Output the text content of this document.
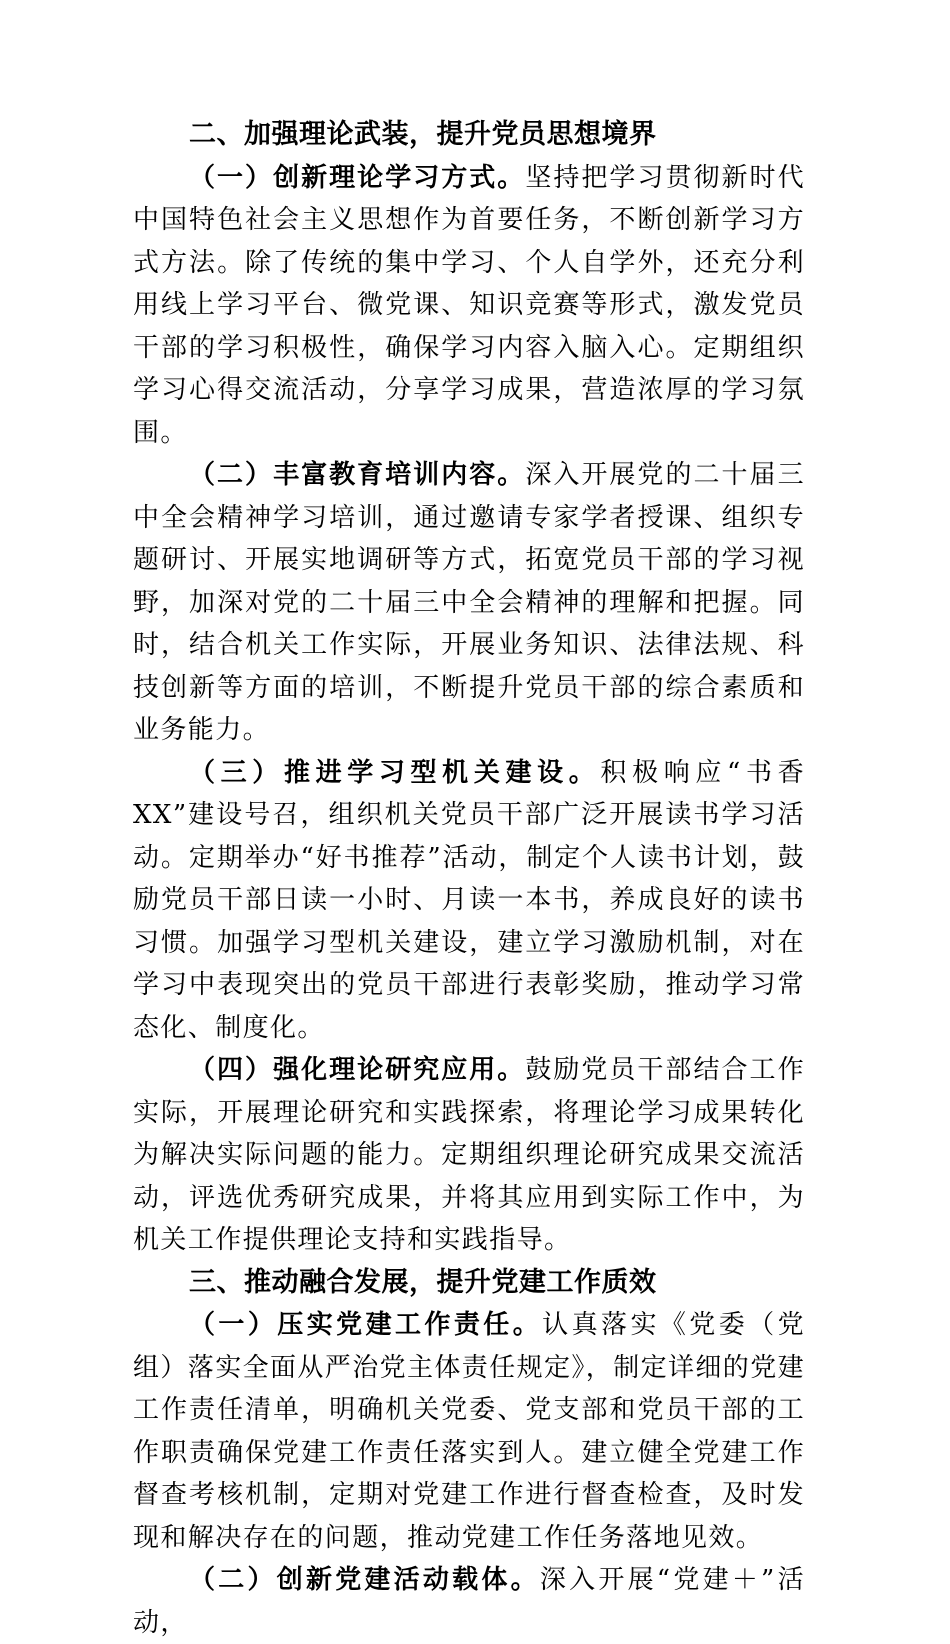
二、加强理论武装，提升党员思想境界

（一）创新理论学习方式。坚持把学习贯彻新时代中国特色社会主义思想作为首要任务，不断创新学习方式方法。除了传统的集中学习、个人自学外，还充分利用线上学习平台、微党课、知识竞赛等形式，激发党员干部的学习积极性，确保学习内容入脑入心。定期组织学习心得交流活动，分享学习成果，营造浓厚的学习氛围。

（二）丰富教育培训内容。深入开展党的二十届三中全会精神学习培训，通过邀请专家学者授课、组织专题研讨、开展实地调研等方式，拓宽党员干部的学习视野，加深对党的二十届三中全会精神的理解和把握。同时，结合机关工作实际，开展业务知识、法律法规、科技创新等方面的培训，不断提升党员干部的综合素质和业务能力。

（三）推进学习型机关建设。积极响应“书香XX”建设号召，组织机关党员干部广泛开展读书学习活动。定期举办“好书推荐”活动，制定个人读书计划，鼓励党员干部日读一小时、月读一本书，养成良好的读书习惯。加强学习型机关建设，建立学习激励机制，对在学习中表现突出的党员干部进行表彰奖励，推动学习常态化、制度化。

（四）强化理论研究应用。鼓励党员干部结合工作实际，开展理论研究和实践探索，将理论学习成果转化为解决实际问题的能力。定期组织理论研究成果交流活动，评选优秀研究成果，并将其应用到实际工作中，为机关工作提供理论支持和实践指导。

三、推动融合发展，提升党建工作质效

（一）压实党建工作责任。认真落实《党委（党组）落实全面从严治党主体责任规定》，制定详细的党建工作责任清单，明确机关党委、党支部和党员干部的工作职责确保党建工作责任落实到人。建立健全党建工作督查考核机制，定期对党建工作进行督查检查，及时发现和解决存在的问题，推动党建工作任务落地见效。

（二）创新党建活动载体。深入开展“党建＋”活动，
